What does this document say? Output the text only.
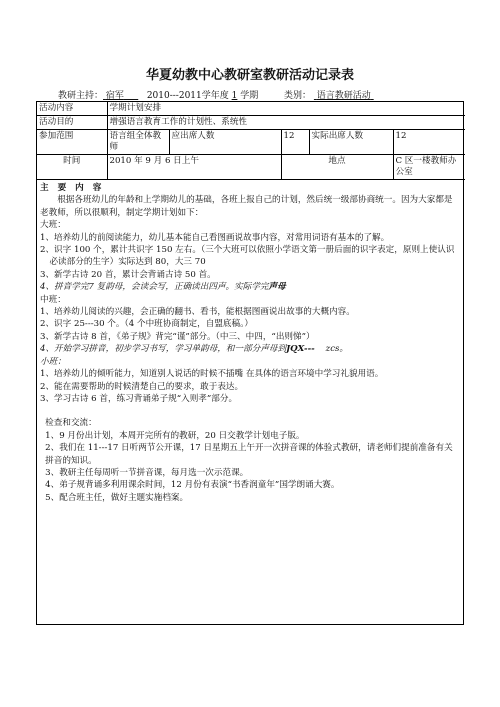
华夏幼教中心教研室教研活动记录表
教研主持： 宿军	2010---2011学年度 1 学期	类别： 语言教研活动
活动内容	学期计划安排				
活动目的	增强语言教育工作的计划性、系统性				
参加范围	语言组全体教师	应出席人数	12	实际出席人数	12
时间	2010 年 9 月 6 日上午		地点		C 区一楼教师办公室

主 要 内 容

根据各班幼儿的年龄和上学期幼儿的基础，各班上报自己的计划，然后统一级部协商统一。因为大家都是老教师，所以很顺利，制定学期计划如下：

大班：

1、培养幼儿的前阅读能力，幼儿基本能自己看图画说故事内容，对常用词语有基本的了解。

2、识字 100 个，累计共识字 150 左右。（三个大班可以依照小学语文第一册后面的识字表定，原则上使认识必读部分的生字）实际达到 80，大三 70

3、新学古诗 20 首，累计会背诵古诗 50 首。

4、拼音学完7 复韵母，会读会写，正确读出四声。实际学完声母

中班：

1、培养幼儿阅读的兴趣，会正确的翻书、看书，能根据图画说出故事的大概内容。

2、识字 25---30 个。（4 个中班协商制定，自盟底稿。）

3、新学古诗 8 首，《弟子规》背完“谨”部分。（中三、中四，“出则悌”）

4、开始学习拼音，初步学习书写，学习单韵母，和一部分声母到JQX--- zcs。

小班：

1、培养幼儿的倾听能力，知道别人说话的时候不插嘴 在具体的语言环境中学习礼貌用语。

2、能在需要帮助的时候清楚自己的要求，敢于表达。

3、学习古诗 6 首，练习背诵弟子规“入则孝”部分。

检查和交流：

1、9 月份出计划，本周开完所有的教研，20 日交教学计划电子版。

2、我们在 11---17 日听两节公开课，17 日星期五上午开一次拼音课的体验式教研，请老师们提前准备有关拼音的知识。

3、教研主任每周听一节拼音课，每月选一次示范课。

4、弟子规背诵多利用课余时间，12 月份有表演“书香润童年”国学朗诵大赛。

5、配合班主任，做好主题实施档案。
